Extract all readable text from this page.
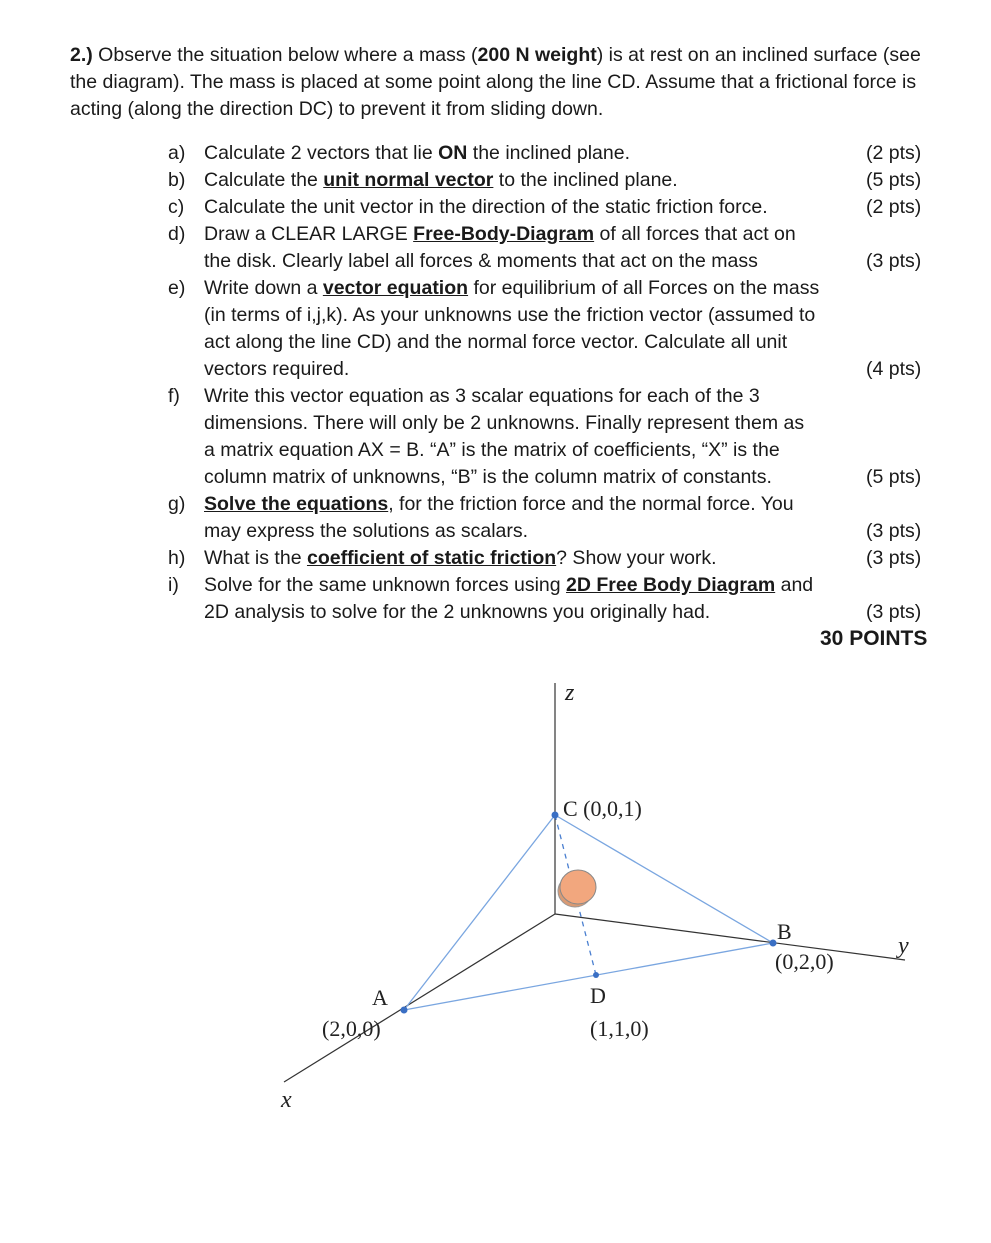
2.) Observe the situation below where a mass (200 N weight) is at rest on an inclined surface (see the diagram). The mass is placed at some point along the line CD. Assume that a frictional force is acting (along the direction DC) to prevent it from sliding down.
a) Calculate 2 vectors that lie ON the inclined plane.	(2 pts)
b) Calculate the unit normal vector to the inclined plane.	(5 pts)
c) Calculate the unit vector in the direction of the static friction force.	(2 pts)
d) Draw a CLEAR LARGE Free-Body-Diagram of all forces that act on the disk. Clearly label all forces & moments that act on the mass	(3 pts)
e) Write down a vector equation for equilibrium of all Forces on the mass (in terms of i,j,k). As your unknowns use the friction vector (assumed to act along the line CD) and the normal force vector. Calculate all unit vectors required.	(4 pts)
f) Write this vector equation as 3 scalar equations for each of the 3 dimensions. There will only be 2 unknowns. Finally represent them as a matrix equation AX = B. “A” is the matrix of coefficients, “X” is the column matrix of unknowns, “B” is the column matrix of constants.	(5 pts)
g) Solve the equations, for the friction force and the normal force. You may express the solutions as scalars.	(3 pts)
h) What is the coefficient of static friction? Show your work.	(3 pts)
i) Solve for the same unknown forces using 2D Free Body Diagram and 2D analysis to solve for the 2 unknowns you originally had.	(3 pts)
30 POINTS
z
y
x
C (0,0,1)
B
(0,2,0)
A
(2,0,0)
D
(1,1,0)
